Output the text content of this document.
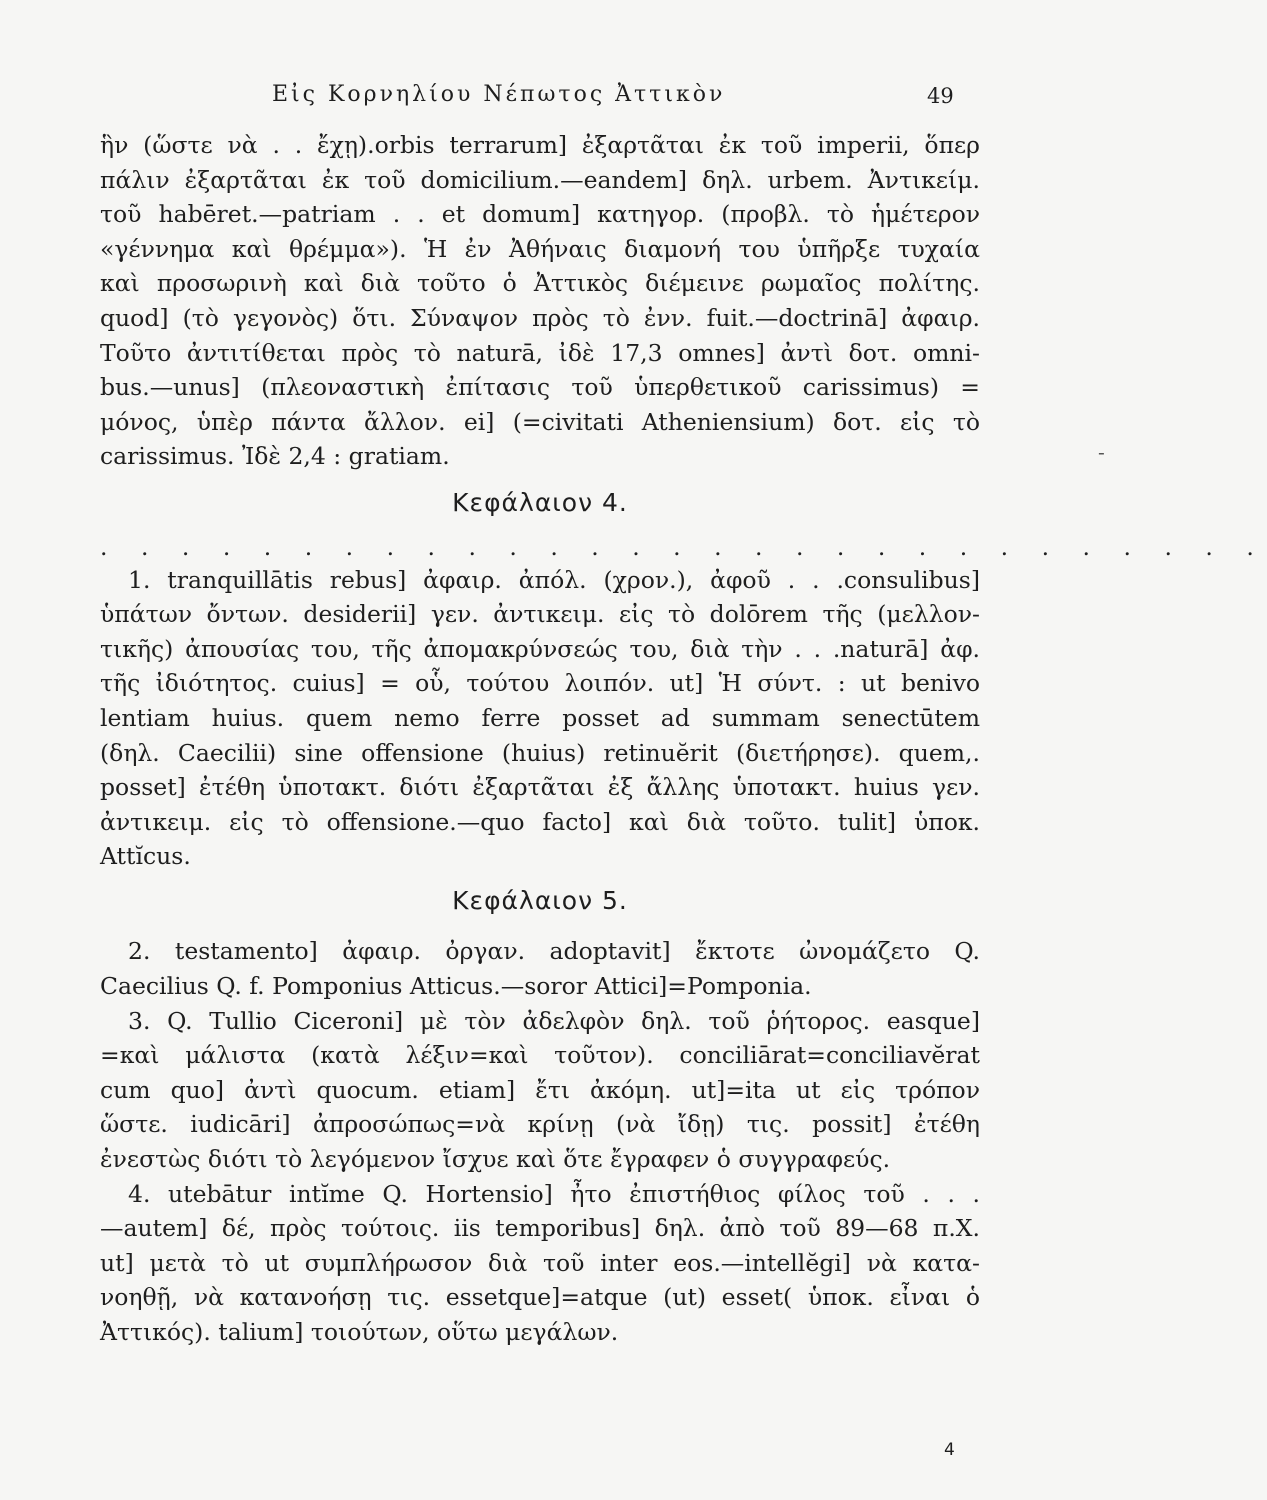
Εἰς Κορνηλίου Νέπωτος Ἀττικὸν	49
ἣν (ὥστε νὰ . . ἔχῃ).orbis terrarum] ἐξαρτᾶται ἐκ τοῦ imperii, ὅπερ
πάλιν ἐξαρτᾶται ἐκ τοῦ domicilium.—eandem] δηλ. urbem. Ἀντικείμ.
τοῦ habēret.—patriam . . et domum] κατηγορ. (προβλ. τὸ ἡμέτερον
«γέννημα καὶ θρέμμα»). Ἡ ἐν Ἀθήναις διαμονή του ὑπῆρξε τυχαία
καὶ προσωρινὴ καὶ διὰ τοῦτο ὁ Ἀττικὸς διέμεινε ρωμαῖος πολίτης.
quod] (τὸ γεγονὸς) ὅτι. Σύναψον πρὸς τὸ ἐνν. fuit.—doctrinā] ἀφαιρ.
Τοῦτο ἀντιτίθεται πρὸς τὸ naturā, ἰδὲ 17,3 omnes] ἀντὶ δοτ. omni-
bus.—unus] (πλεοναστικὴ ἐπίτασις τοῦ ὑπερθετικοῦ carissimus) =
μόνος, ὑπὲρ πάντα ἄλλον. ei] (=civitati Atheniensium) δοτ. εἰς τὸ
carissimus. Ἰδὲ 2,4 : gratiam.
Κεφάλαιον 4.
. . . . . . . . . . . . . . . . . . . . . . . . . . . . .
1. tranquillātis rebus] ἀφαιρ. ἀπόλ. (χρον.), ἀφοῦ . . .consulibus]
ὑπάτων ὄντων. desiderii] γεν. ἀντικειμ. εἰς τὸ dolōrem τῆς (μελλον-
τικῆς) ἀπουσίας του, τῆς ἀπομακρύνσεώς του, διὰ τὴν . . .naturā] ἀφ.
τῆς ἰδιότητος. cuius] = οὗ, τούτου λοιπόν. ut] Ἡ σύντ. : ut benivo
lentiam huius. quem nemo ferre posset ad summam senectūtem
(δηλ. Caecilii) sine offensione (huius) retinuĕrit (διετήρησε). quem,.
posset] ἐτέθη ὑποτακτ. διότι ἐξαρτᾶται ἐξ ἄλλης ὑποτακτ. huius γεν.
ἀντικειμ. εἰς τὸ offensione.—quo facto] καὶ διὰ τοῦτο. tulit] ὑποκ.
Attĭcus.
Κεφάλαιον 5.
2. testamento] ἀφαιρ. ὀργαν. adoptavit] ἔκτοτε ὠνομάζετο Q.
Caecilius Q. f. Pomponius Atticus.—soror Attici]=Pomponia.
3. Q. Tullio Ciceroni] μὲ τὸν ἀδελφὸν δηλ. τοῦ ῥήτορος. easque]
=καὶ μάλιστα (κατὰ λέξιν=καὶ τοῦτον). conciliārat=conciliavĕrat
cum quo] ἀντὶ quocum. etiam] ἔτι ἀκόμη. ut]=ita ut εἰς τρόπον
ὥστε. iudicāri] ἀπροσώπως=νὰ κρίνῃ (νὰ ἴδῃ) τις. possit] ἐτέθη
ἐνεστὼς διότι τὸ λεγόμενον ἴσχυε καὶ ὅτε ἔγραφεν ὁ συγγραφεύς.
4. utebātur intĭme Q. Hortensio] ἦτο ἐπιστήθιος φίλος τοῦ . . .
—autem] δέ, πρὸς τούτοις. iis temporibus] δηλ. ἀπὸ τοῦ 89—68 π.Χ.
ut] μετὰ τὸ ut συμπλήρωσον διὰ τοῦ inter eos.—intellĕgi] νὰ κατα-
νοηθῇ, νὰ κατανοήσῃ τις. essetque]=atque (ut) esset( ὑποκ. εἶναι ὁ
Ἀττικός). talium] τοιούτων, οὕτω μεγάλων.
-
4
